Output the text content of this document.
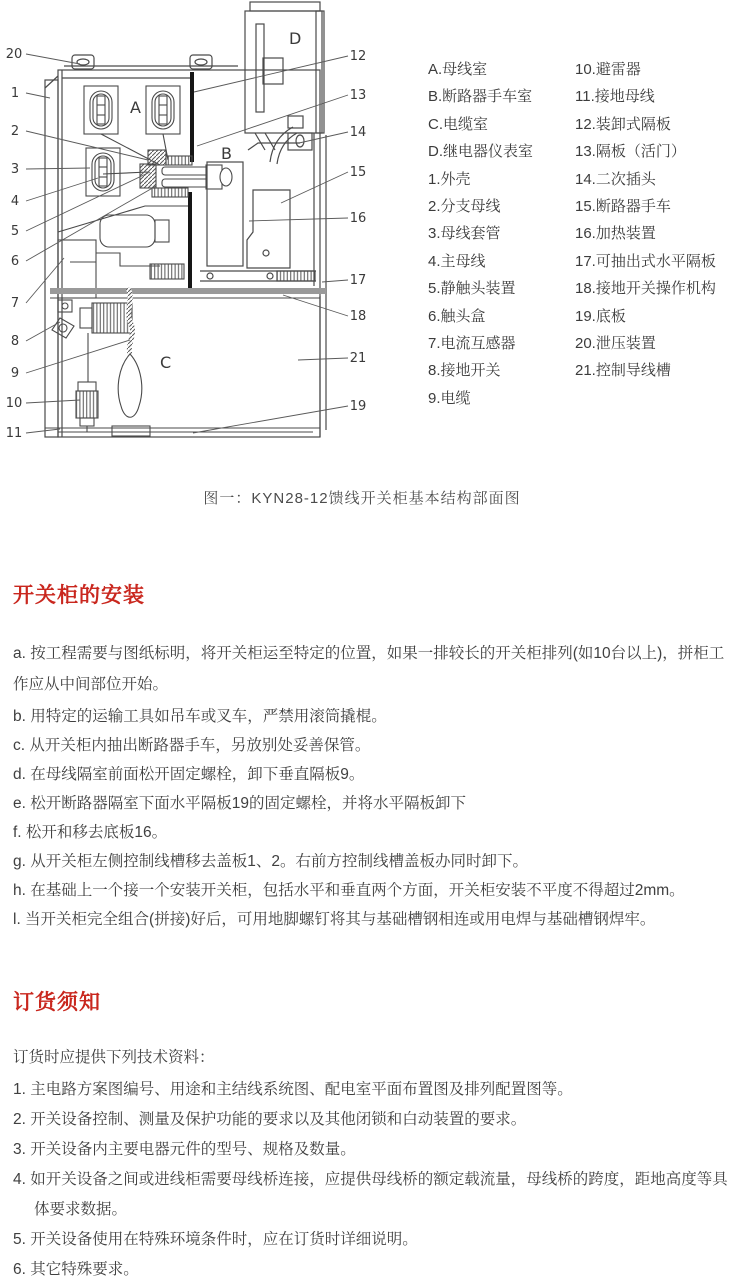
A
B
C
D
20
1
2
3
4
5
6
7
8
9
10
11
12
13
14
15
16
17
18
21
19
A.母线室
B.断路器手车室
C.电缆室
D.继电器仪表室
1.外壳
2.分支母线
3.母线套管
4.主母线
5.静触头装置
6.触头盒
7.电流互感器
8.接地开关
9.电缆
10.避雷器
11.接地母线
12.装卸式隔板
13.隔板（活门）
14.二次插头
15.断路器手车
16.加热装置
17.可抽出式水平隔板
18.接地开关操作机构
19.底板
20.泄压装置
21.控制导线槽
图一：KYN28-12馈线开关柜基本结构部面图
开关柜的安装

a. 按工程需要与图纸标明，将开关柜运至特定的位置，如果一排较长的开关柜排列(如10台以上)，拼柜工作应从中间部位开始。

b. 用特定的运输工具如吊车或叉车，严禁用滚筒撬棍。

c. 从开关柜内抽出断路器手车，另放别处妥善保管。

d. 在母线隔室前面松开固定螺栓，卸下垂直隔板9。

e. 松开断路器隔室下面水平隔板19的固定螺栓，并将水平隔板卸下

f. 松开和移去底板16。

g. 从开关柜左侧控制线槽移去盖板1、2。右前方控制线槽盖板办同时卸下。

h. 在基础上一个接一个安装开关柜，包括水平和垂直两个方面，开关柜安装不平度不得超过2mm。

l. 当开关柜完全组合(拼接)好后，可用地脚螺钉将其与基础槽钢相连或用电焊与基础槽钢焊牢。

订货须知

订货时应提供下列技术资料：

1. 主电路方案图编号、用途和主结线系统图、配电室平面布置图及排列配置图等。

2. 开关设备控制、测量及保护功能的要求以及其他闭锁和白动装置的要求。

3. 开关设备内主要电器元件的型号、规格及数量。

4. 如开关设备之间或进线柜需要母线桥连接，应提供母线桥的额定载流量，母线桥的跨度，距地高度等具体要求数据。

5. 开关设备使用在特殊环境条件时，应在订货时详细说明。

6. 其它特殊要求。
